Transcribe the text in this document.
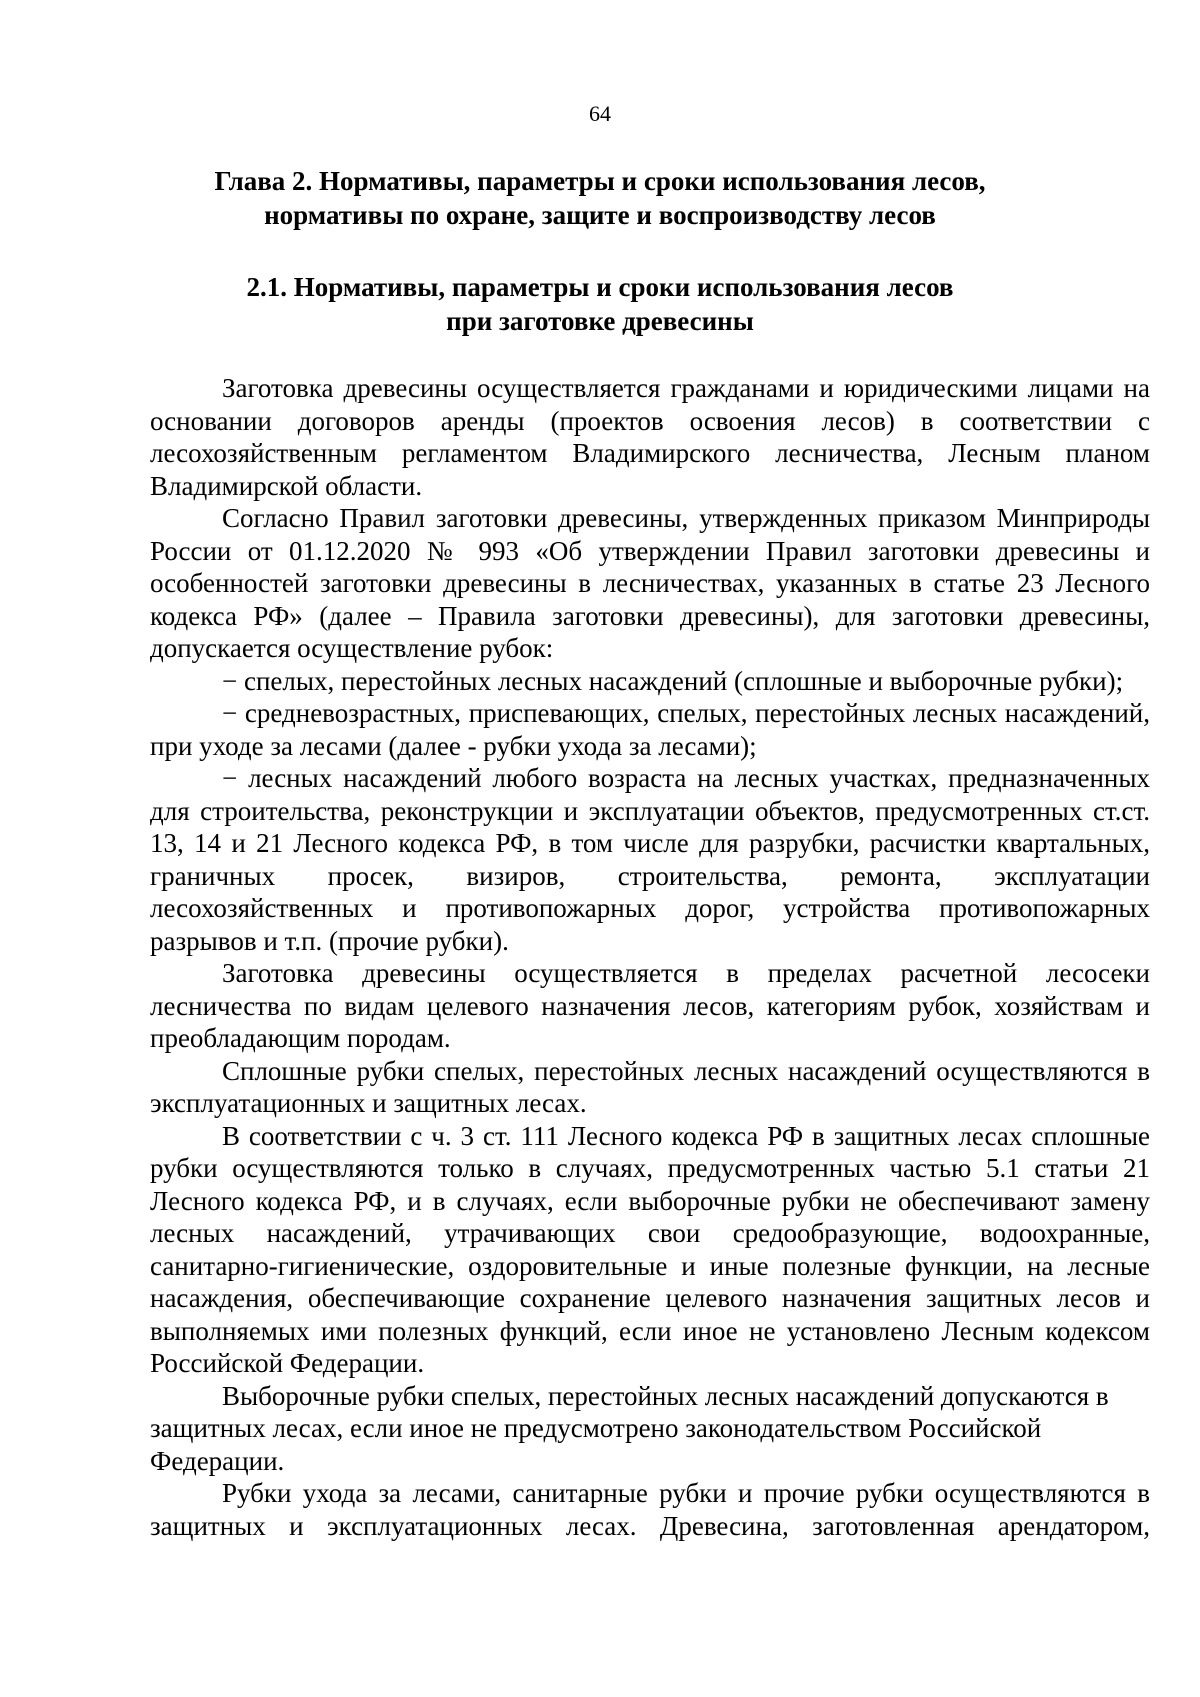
64
Глава 2. Нормативы, параметры и сроки использования лесов,
нормативы по охране, защите и воспроизводству лесов
2.1. Нормативы, параметры и сроки использования лесов
при заготовке древесины

Заготовка древесины осуществляется гражданами и юридическими лицами на основании договоров аренды (проектов освоения лесов) в соответствии с лесохозяйственным регламентом Владимирского лесничества, Лесным планом Владимирской области.

Согласно Правил заготовки древесины, утвержденных приказом Минприроды России от 01.12.2020 № 993 «Об утверждении Правил заготовки древесины и особенностей заготовки древесины в лесничествах, указанных в статье 23 Лесного кодекса РФ» (далее – Правила заготовки древесины), для заготовки древесины, допускается осуществление рубок:

− спелых, перестойных лесных насаждений (сплошные и выборочные рубки);

− средневозрастных, приспевающих, спелых, перестойных лесных насаждений, при уходе за лесами (далее - рубки ухода за лесами);

− лесных насаждений любого возраста на лесных участках, предназначенных для строительства, реконструкции и эксплуатации объектов, предусмотренных ст.ст. 13, 14 и 21 Лесного кодекса РФ, в том числе для разрубки, расчистки квартальных, граничных просек, визиров, строительства, ремонта, эксплуатации лесохозяйственных и противопожарных дорог, устройства противопожарных разрывов и т.п. (прочие рубки).

Заготовка древесины осуществляется в пределах расчетной лесосеки лесничества по видам целевого назначения лесов, категориям рубок, хозяйствам и преобладающим породам.

Сплошные рубки спелых, перестойных лесных насаждений осуществляются в эксплуатационных и защитных лесах.

В соответствии с ч. 3 ст. 111 Лесного кодекса РФ в защитных лесах сплошные рубки осуществляются только в случаях, предусмотренных частью 5.1 статьи 21 Лесного кодекса РФ, и в случаях, если выборочные рубки не обеспечивают замену лесных насаждений, утрачивающих свои средообразующие, водоохранные, санитарно-гигиенические, оздоровительные и иные полезные функции, на лесные насаждения, обеспечивающие сохранение целевого назначения защитных лесов и выполняемых ими полезных функций, если иное не установлено Лесным кодексом Российской Федерации.

Выборочные рубки спелых, перестойных лесных насаждений допускаются в защитных лесах, если иное не предусмотрено законодательством Российской Федерации.

Рубки ухода за лесами, санитарные рубки и прочие рубки осуществляются в защитных и эксплуатационных лесах. Древесина, заготовленная арендатором,
